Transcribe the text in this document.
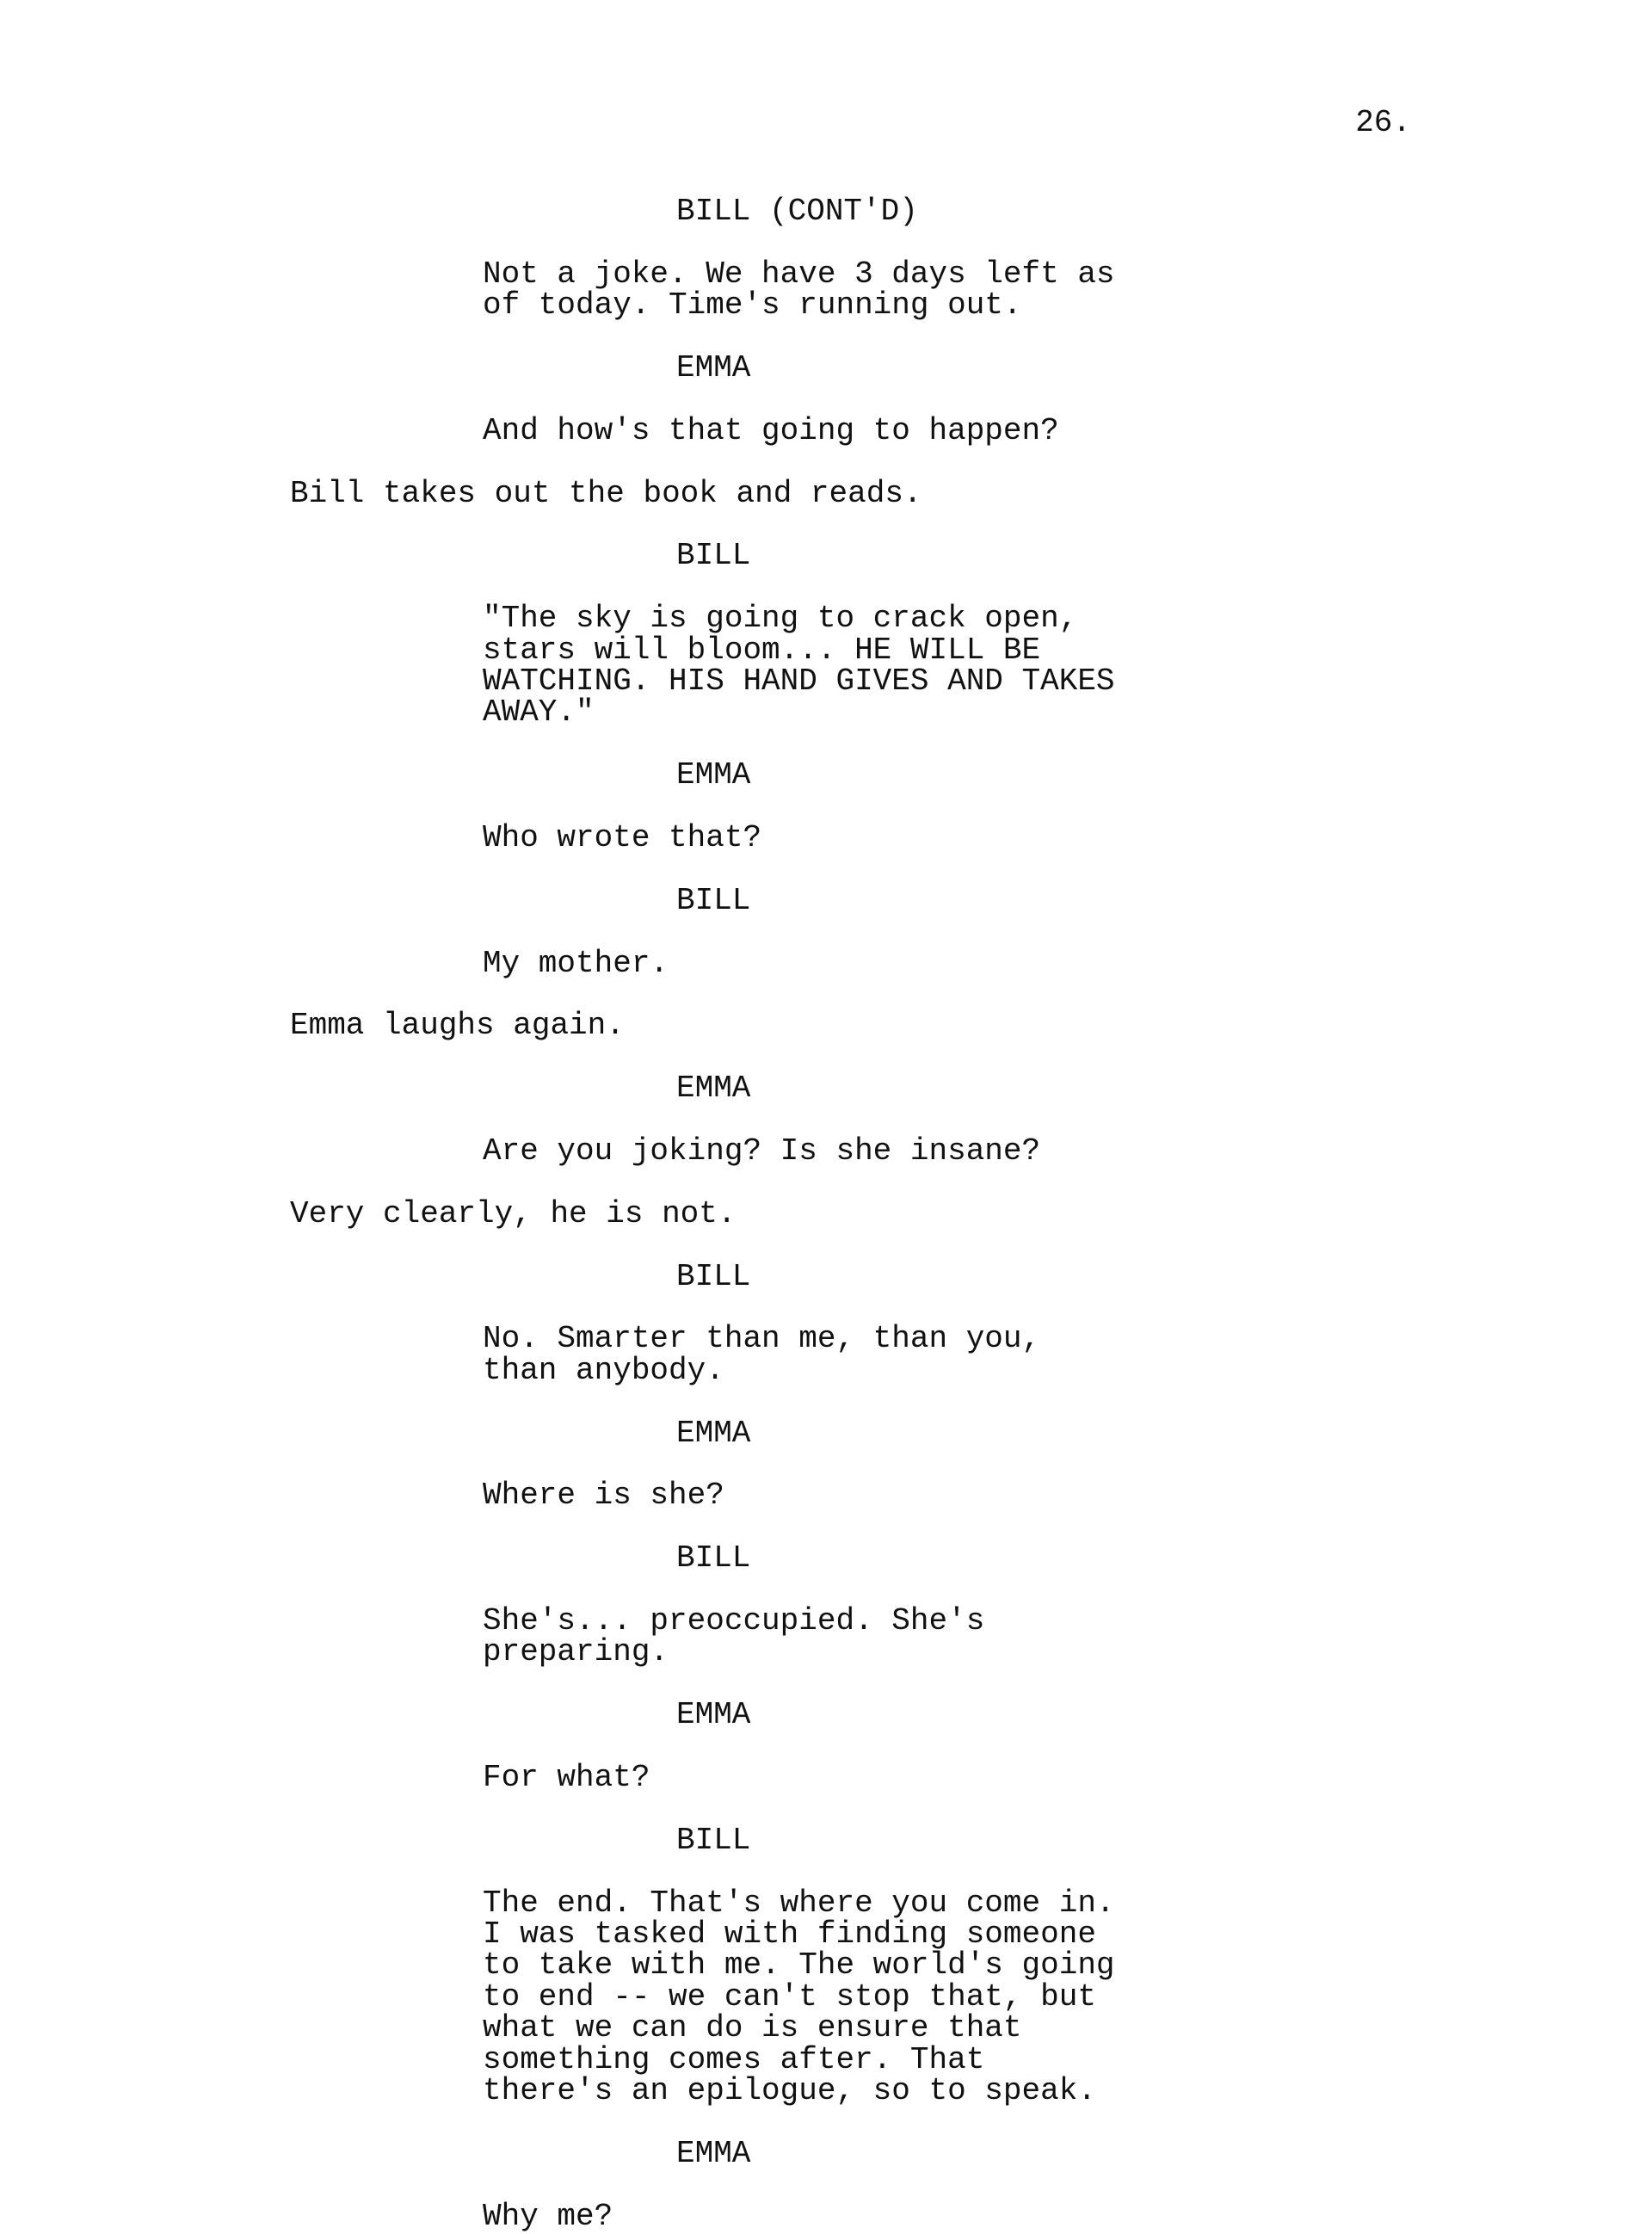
26.
BILL (CONT'D)
Not a joke. We have 3 days left as
of today. Time's running out.
EMMA
And how's that going to happen?
Bill takes out the book and reads.
BILL
"The sky is going to crack open,
stars will bloom... HE WILL BE
WATCHING. HIS HAND GIVES AND TAKES
AWAY."
EMMA
Who wrote that?
BILL
My mother.
Emma laughs again.
EMMA
Are you joking? Is she insane?
Very clearly, he is not.
BILL
No. Smarter than me, than you,
than anybody.
EMMA
Where is she?
BILL
She's... preoccupied. She's
preparing.
EMMA
For what?
BILL
The end. That's where you come in.
I was tasked with finding someone
to take with me. The world's going
to end -- we can't stop that, but
what we can do is ensure that
something comes after. That
there's an epilogue, so to speak.
EMMA
Why me?
